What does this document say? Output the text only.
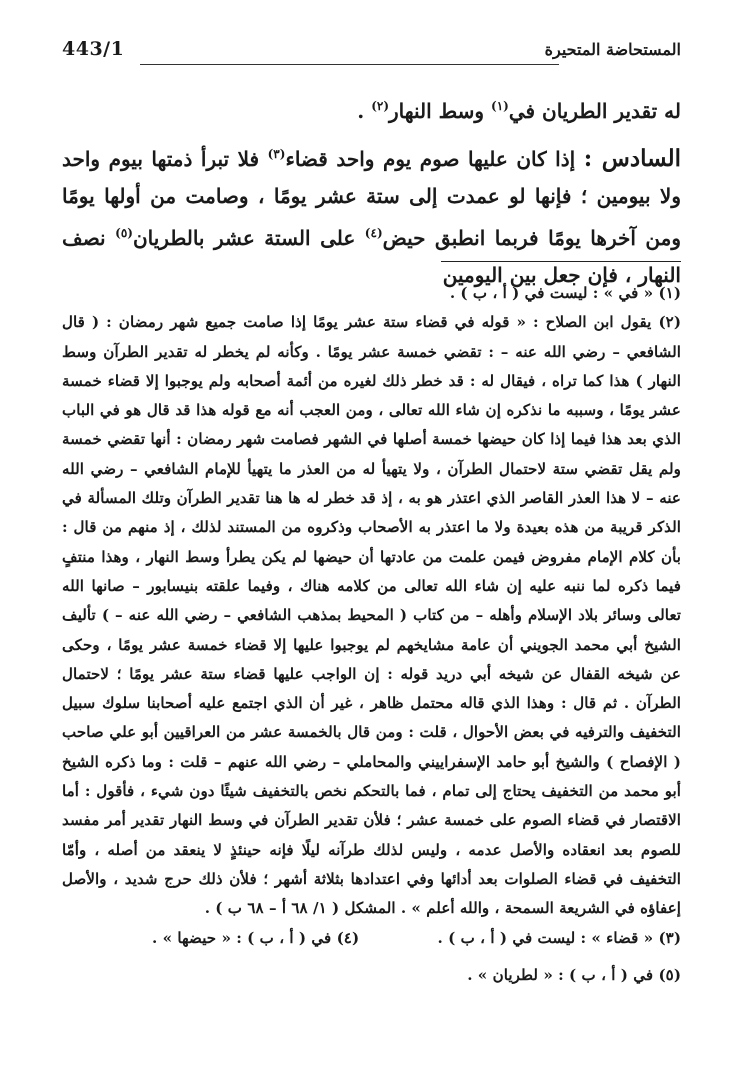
443/1	المستحاضة المتحيرة

له تقدير الطريان في$^{(١)}$ وسط النهار$^{(٢)}$ .

السادس : إذا كان عليها صوم يوم واحد قضاء$^{(٣)}$ فلا تبرأ ذمتها بيوم واحد ولا بيومين ؛ فإنها لو عمدت إلى ستة عشر يومًا ، وصامت من أولها يومًا ومن آخرها يومًا فربما انطبق حيض$^{(٤)}$ على الستة عشر بالطريان$^{(٥)}$ نصف النهار ، فإن جعل بين اليومين

(١) « في » : ليست في ( أ ، ب ) .

(٢) يقول ابن الصلاح : « قوله في قضاء ستة عشر يومًا إذا صامت جميع شهر رمضان : ( قال الشافعي – رضي الله عنه – : تقضي خمسة عشر يومًا . وكأنه لم يخطر له تقدير الطرآن وسط النهار ) هذا كما تراه ، فيقال له : قد خطر ذلك لغيره من أئمة أصحابه ولم يوجبوا إلا قضاء خمسة عشر يومًا ، وسببه ما نذكره إن شاء الله تعالى ، ومن العجب أنه مع قوله هذا قد قال هو في الباب الذي بعد هذا فيما إذا كان حيضها خمسة أصلها في الشهر فصامت شهر رمضان : أنها تقضي خمسة ولم يقل تقضي ستة لاحتمال الطرآن ، ولا يتهيأ له من العذر ما يتهيأ للإمام الشافعي – رضي الله عنه – لا هذا العذر القاصر الذي اعتذر هو به ، إذ قد خطر له ها هنا تقدير الطرآن وتلك المسألة في الذكر قريبة من هذه بعيدة ولا ما اعتذر به الأصحاب وذكروه من المستند لذلك ، إذ منهم من قال : بأن كلام الإمام مفروض فيمن علمت من عادتها أن حيضها لم يكن يطرأ وسط النهار ، وهذا منتفٍ فيما ذكره لما ننبه عليه إن شاء الله تعالى من كلامه هناك ، وفيما علقته بنيسابور – صانها الله تعالى وسائر بلاد الإسلام وأهله – من كتاب ( المحيط بمذهب الشافعي – رضي الله عنه – ) تأليف الشيخ أبي محمد الجويني أن عامة مشايخهم لم يوجبوا عليها إلا قضاء خمسة عشر يومًا ، وحكى عن شيخه القفال عن شيخه أبي دريد قوله : إن الواجب عليها قضاء ستة عشر يومًا ؛ لاحتمال الطرآن . ثم قال : وهذا الذي قاله محتمل ظاهر ، غير أن الذي اجتمع عليه أصحابنا سلوك سبيل التخفيف والترفيه في بعض الأحوال ، قلت : ومن قال بالخمسة عشر من العراقيين أبو علي صاحب ( الإفصاح ) والشيخ أبو حامد الإسفراييني والمحاملي – رضي الله عنهم – قلت : وما ذكره الشيخ أبو محمد من التخفيف يحتاج إلى تمام ، فما بالتحكم نخص بالتخفيف شيئًا دون شيء ، فأقول : أما الاقتصار في قضاء الصوم على خمسة عشر ؛ فلأن تقدير الطرآن في وسط النهار تقدير أمر مفسد للصوم بعد انعقاده والأصل عدمه ، وليس لذلك طرآنه ليلًا فإنه حينئذٍ لا ينعقد من أصله ، وأمّا التخفيف في قضاء الصلوات بعد أدائها وفي اعتدادها بثلاثة أشهر ؛ فلأن ذلك حرج شديد ، والأصل إعفاؤه في الشريعة السمحة ، والله أعلم » . المشكل ( ١/ ٦٨ أ – ٦٨ ب ) .

(٣) « قضاء » : ليست في ( أ ، ب ) .
(٤) في ( أ ، ب ) : « حيضها » .

(٥) في ( أ ، ب ) : « لطريان » .
